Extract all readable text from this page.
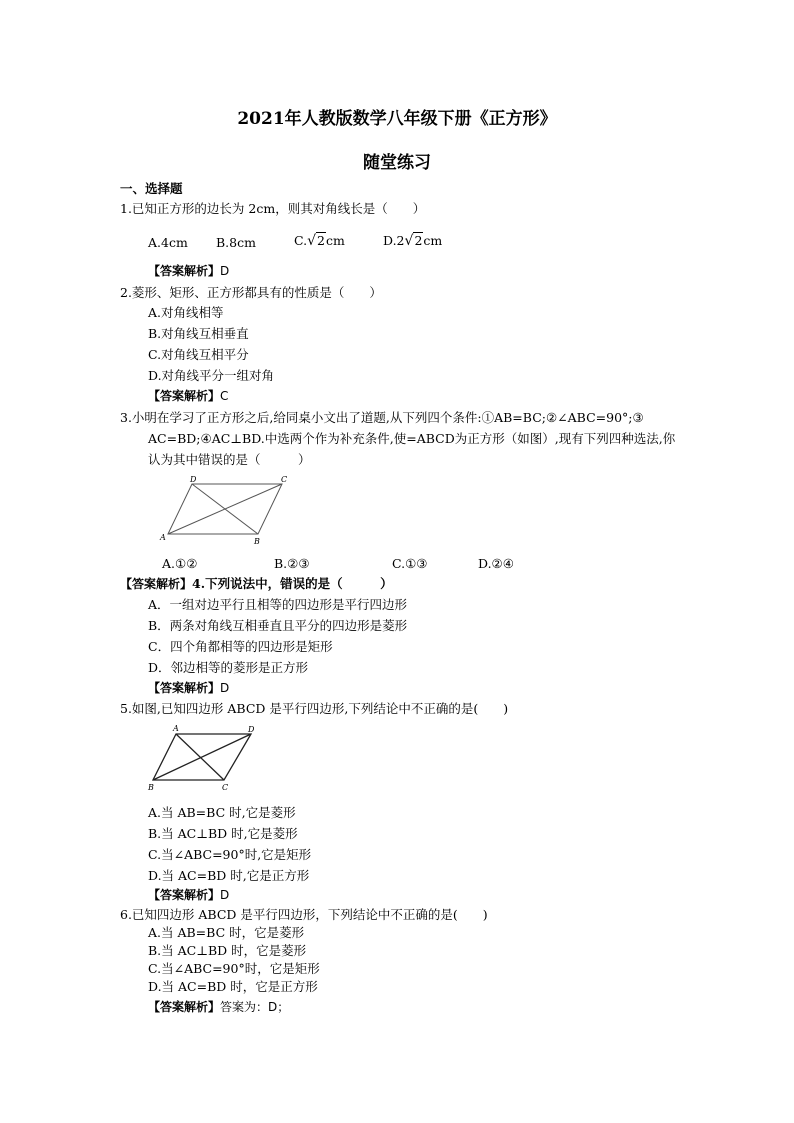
2021年人教版数学八年级下册《正方形》
随堂练习
一、选择题
1.已知正方形的边长为 2cm，则其对角线长是（　　）
A.4cm B.8cm	C.√2cm	D.2√2cm
【答案解析】D
2.菱形、矩形、正方形都具有的性质是（　　）
A.对角线相等
B.对角线互相垂直
C.对角线互相平分
D.对角线平分一组对角
【答案解析】C
3.小明在学习了正方形之后,给同桌小文出了道题,从下列四个条件:①AB=BC;②∠ABC=90°;③
AC=BD;④AC⊥BD.中选两个作为补充条件,使=ABCD为正方形（如图）,现有下列四种选法,你
认为其中错误的是（　　　）
D	C
A	B
A.①②	B.②③	C.①③	D.②④
【答案解析】4.下列说法中，错误的是（　　　）
A．一组对边平行且相等的四边形是平行四边形
B．两条对角线互相垂直且平分的四边形是菱形
C．四个角都相等的四边形是矩形
D．邻边相等的菱形是正方形
【答案解析】D
5.如图,已知四边形 ABCD 是平行四边形,下列结论中不正确的是(　　)
A	D
B	C
A.当 AB=BC 时,它是菱形
B.当 AC⊥BD 时,它是菱形
C.当∠ABC=90°时,它是矩形
D.当 AC=BD 时,它是正方形
【答案解析】D
6.已知四边形 ABCD 是平行四边形，下列结论中不正确的是(　　)
A.当 AB=BC 时，它是菱形
B.当 AC⊥BD 时，它是菱形
C.当∠ABC=90°时，它是矩形
D.当 AC=BD 时，它是正方形
【答案解析】答案为：D；
